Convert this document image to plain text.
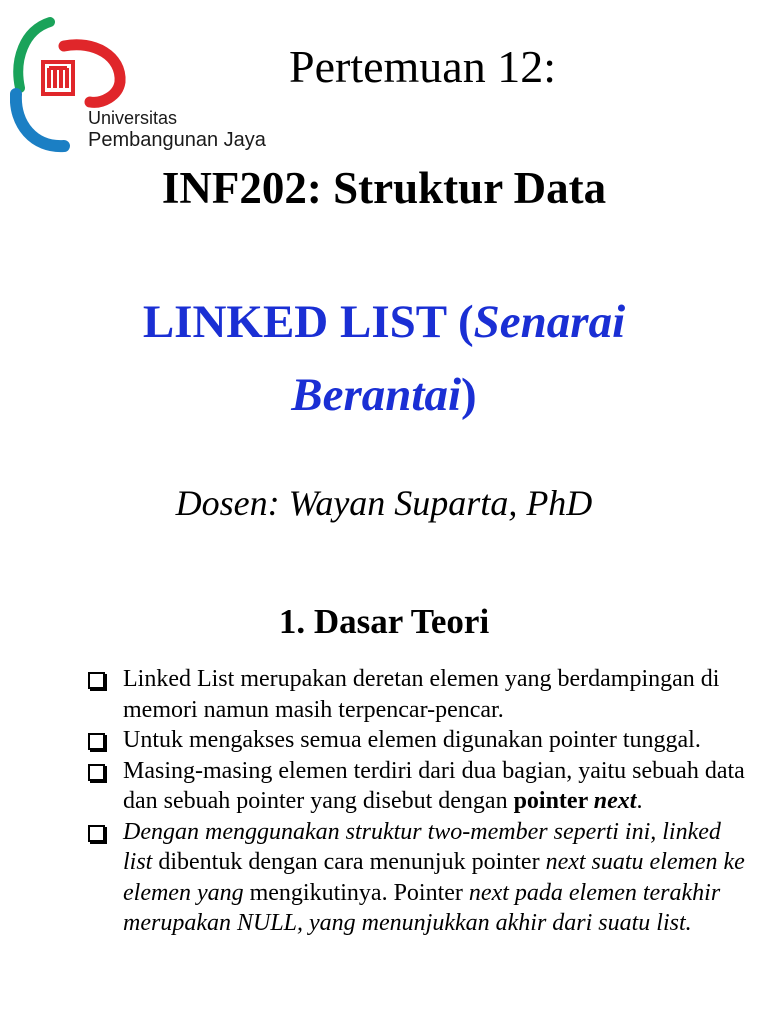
Universitas
Pembangunan Jaya
Pertemuan 12:
INF202: Struktur Data
LINKED LIST (Senarai
Berantai)
Dosen: Wayan Suparta, PhD
1. Dasar Teori
Linked List merupakan deretan elemen yang berdampingan di memori namun masih terpencar-pencar.
Untuk mengakses semua elemen digunakan pointer tunggal.
Masing-masing elemen terdiri dari dua bagian, yaitu sebuah data dan sebuah pointer yang disebut dengan pointer next.
Dengan menggunakan struktur two-member seperti ini, linked list dibentuk dengan cara menunjuk pointer next suatu elemen ke elemen yang mengikutinya. Pointer next pada elemen terakhir merupakan NULL, yang menunjukkan akhir dari suatu list.
